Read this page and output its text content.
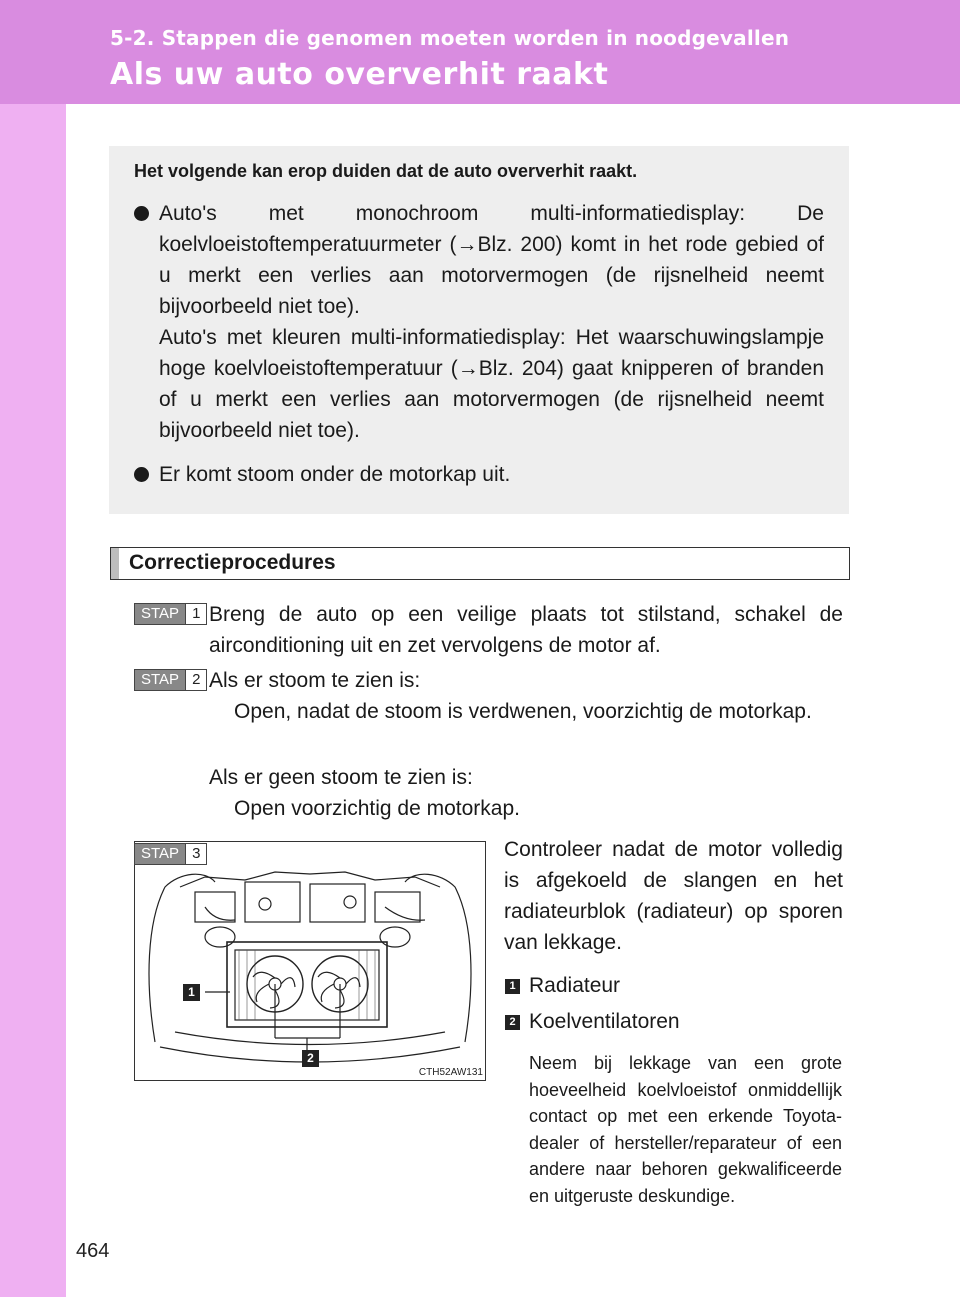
5-2. Stappen die genomen moeten worden in noodgevallen
Als uw auto oververhit raakt
Het volgende kan erop duiden dat de auto oververhit raakt.

Auto's met monochroom multi-informatiedisplay: De koelvloeistoftemperatuurmeter (→Blz. 200) komt in het rode gebied of u merkt een verlies aan motorvermogen (de rijsnelheid neemt bijvoorbeeld niet toe).

Auto's met kleuren multi-informatiedisplay: Het waarschuwingslampje hoge koelvloeistoftemperatuur (→Blz. 204) gaat knipperen of branden of u merkt een verlies aan motorvermogen (de rijsnelheid neemt bijvoorbeeld niet toe).

Er komt stoom onder de motorkap uit.
Correctieprocedures
STAP 1 Breng de auto op een veilige plaats tot stilstand, schakel de airconditioning uit en zet vervolgens de motor af.
STAP 2 Als er stoom te zien is:
Open, nadat de stoom is verdwenen, voorzichtig de motorkap.
Als er geen stoom te zien is:
Open voorzichtig de motorkap.
1
2
CTH52AW131
STAP 3	Controleer nadat de motor volledig is afgekoeld de slangen en het radiateurblok (radiateur) op sporen van lekkage.
1 Radiateur
2 Koelventilatoren
Neem bij lekkage van een grote hoeveelheid koelvloeistof onmiddellijk contact op met een erkende Toyota-dealer of hersteller/reparateur of een andere naar behoren gekwalificeerde en uitgeruste deskundige.
464
